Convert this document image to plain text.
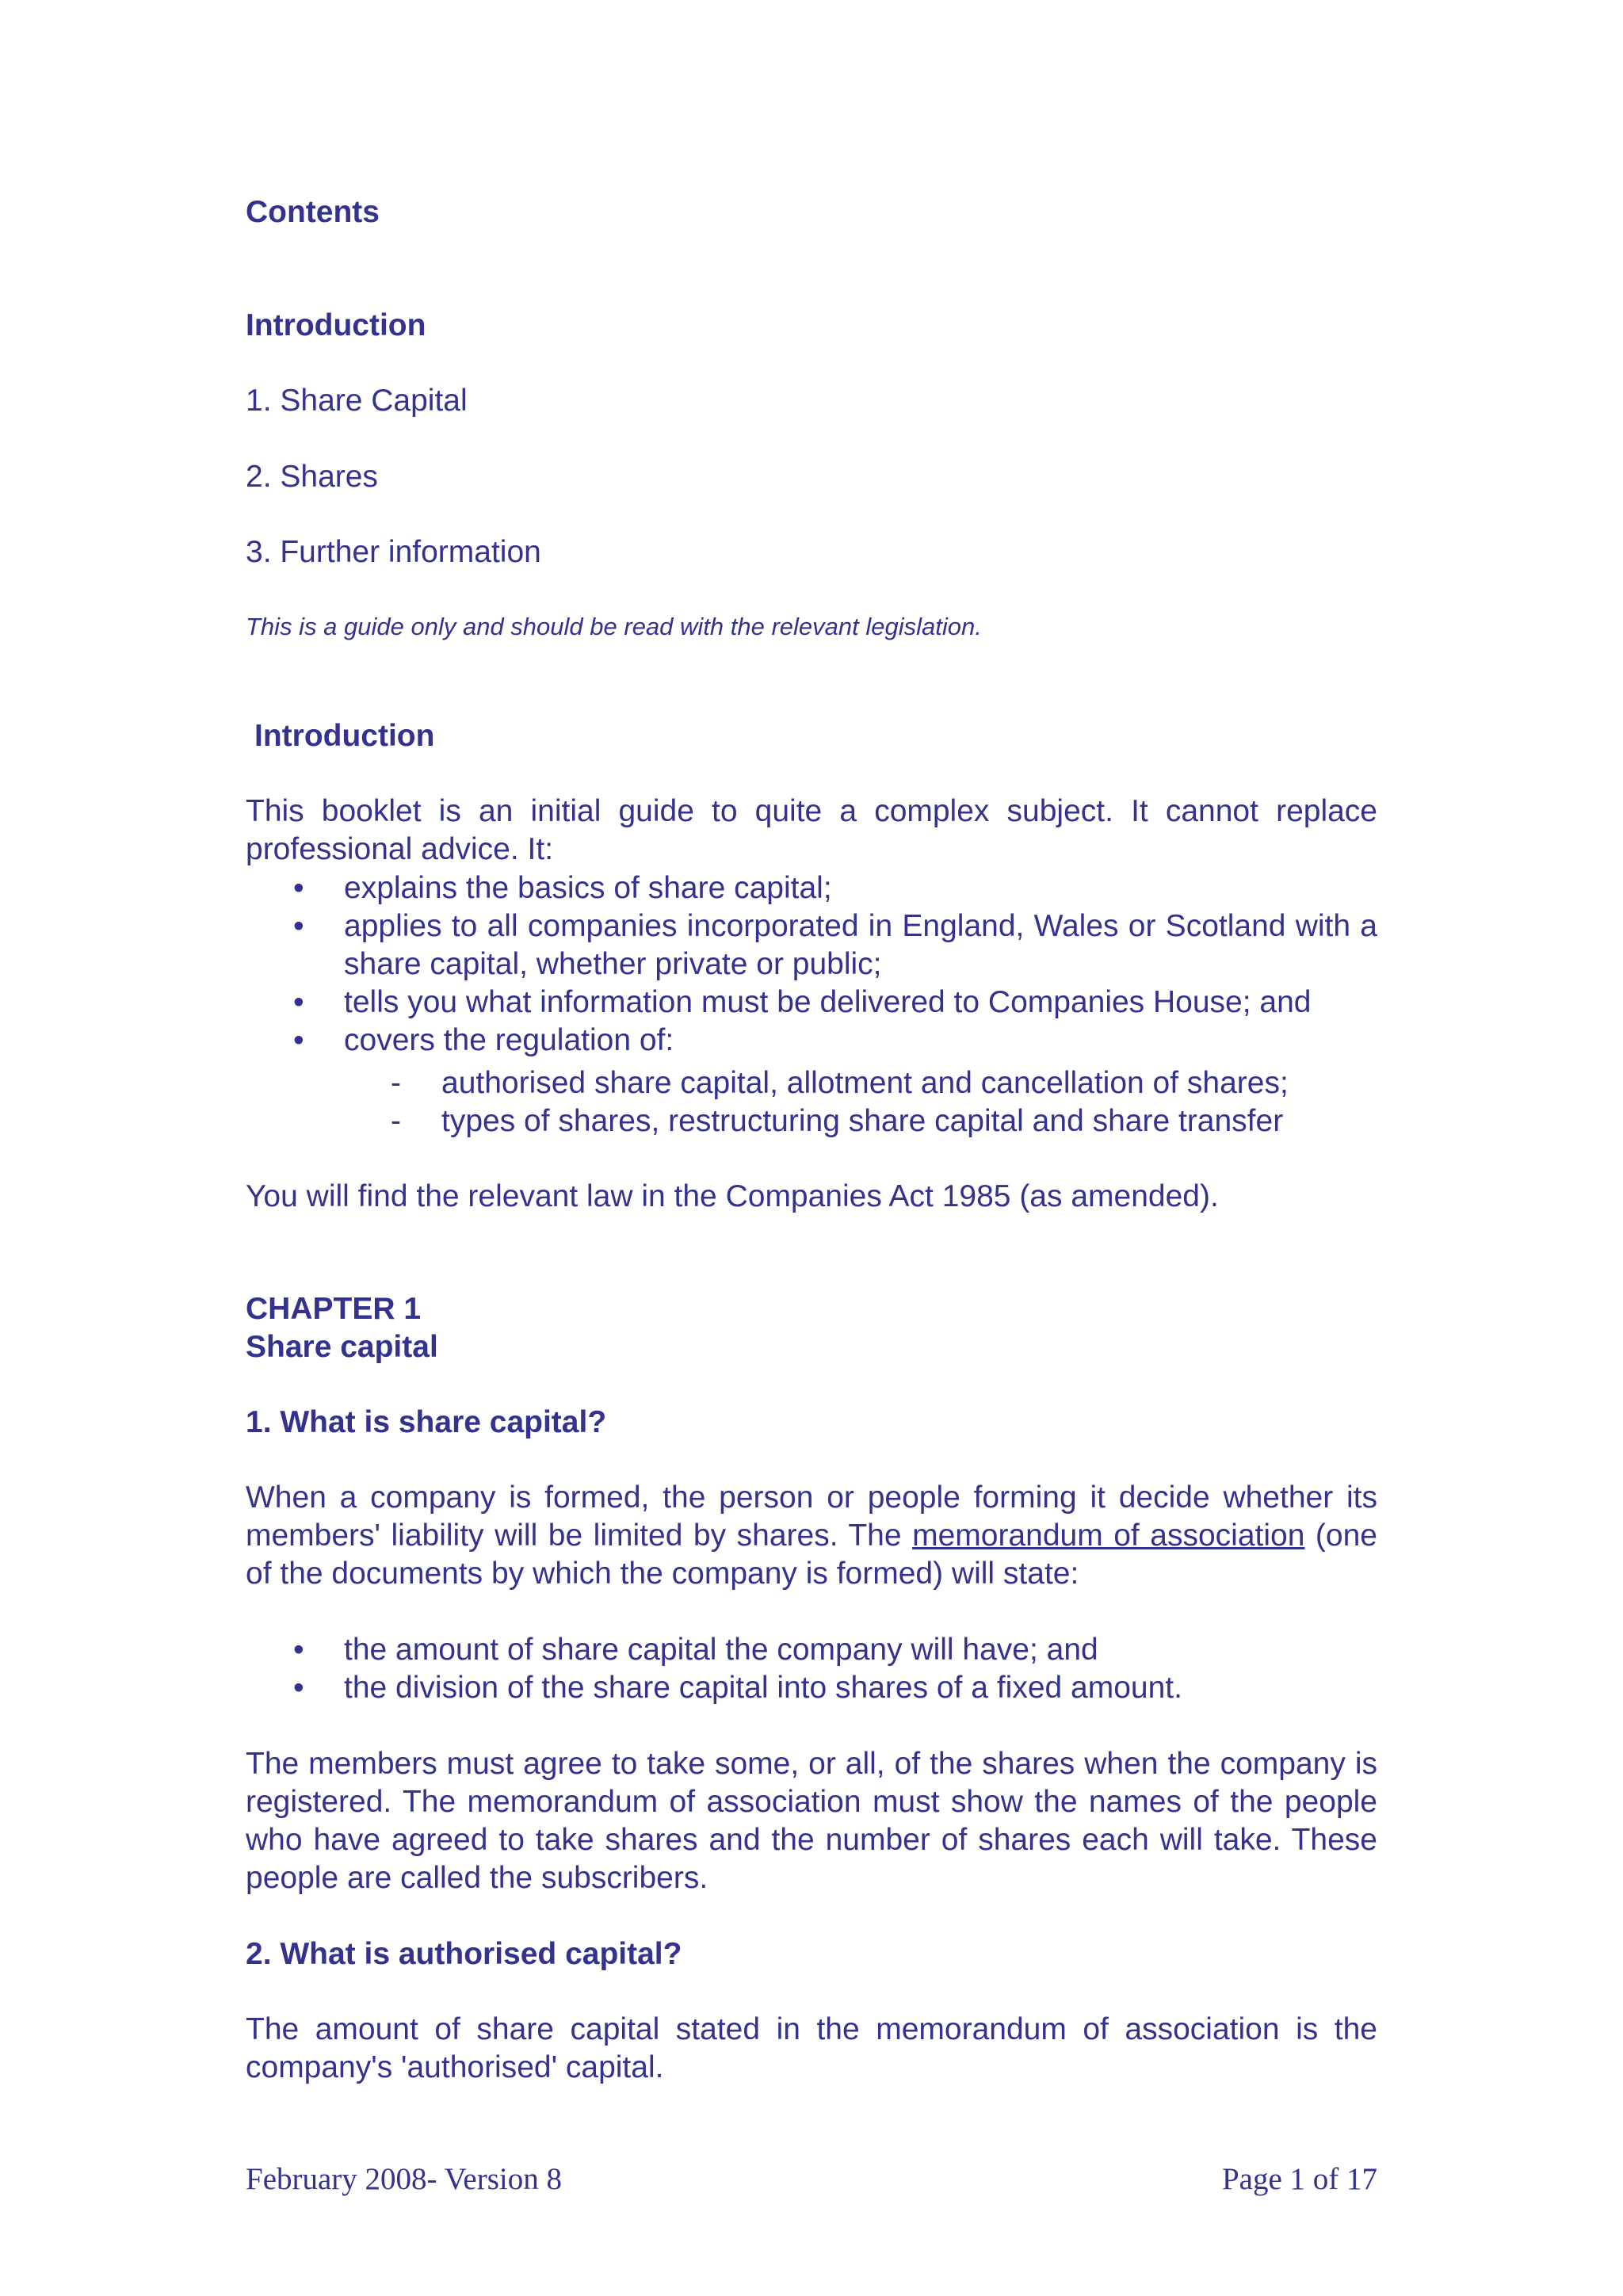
Contents
Introduction
1. Share Capital
2. Shares
3. Further information
This is a guide only and should be read with the relevant legislation.
Introduction
This booklet is an initial guide to quite a complex subject. It cannot replace professional advice. It:
• explains the basics of share capital;
• applies to all companies incorporated in England, Wales or Scotland with a share capital, whether private or public;
• tells you what information must be delivered to Companies House; and
• covers the regulation of:
- authorised share capital, allotment and cancellation of shares;
- types of shares, restructuring share capital and share transfer
You will find the relevant law in the Companies Act 1985 (as amended).
CHAPTER 1
Share capital
1. What is share capital?
When a company is formed, the person or people forming it decide whether its members' liability will be limited by shares. The memorandum of association (one of the documents by which the company is formed) will state:
• the amount of share capital the company will have; and
• the division of the share capital into shares of a fixed amount.
The members must agree to take some, or all, of the shares when the company is registered. The memorandum of association must show the names of the people who have agreed to take shares and the number of shares each will take. These people are called the subscribers.
2. What is authorised capital?
The amount of share capital stated in the memorandum of association is the company's 'authorised' capital.
February 2008- Version 8	Page 1 of 17
